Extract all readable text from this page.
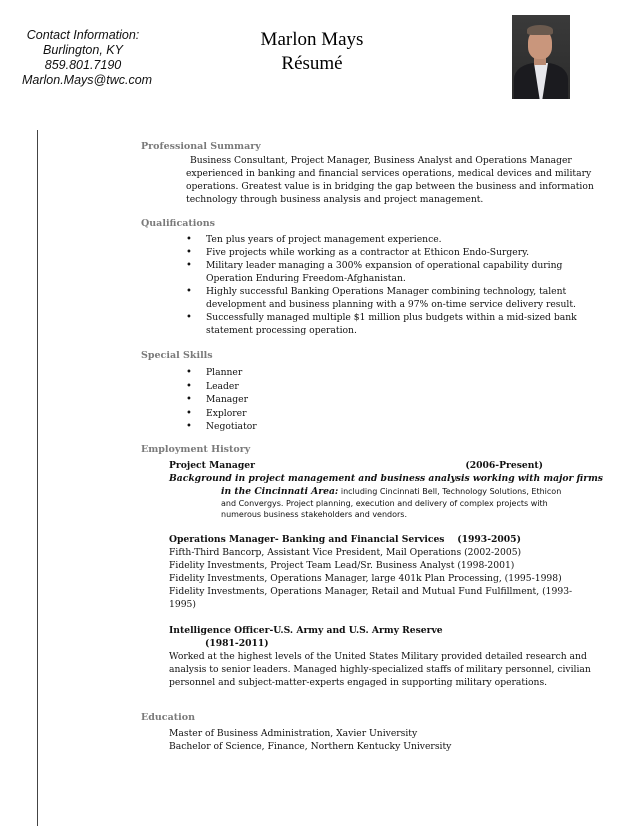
Contact Information:
Burlington, KY
859.801.7190
Marlon.Mays@twc.com
Marlon Mays
Résumé

Professional Summary

Business Consultant, Project Manager, Business Analyst and Operations Manager
experienced in banking and financial services operations, medical devices and military
operations. Greatest value is in bridging the gap between the business and information
technology through business analysis and project management.

Qualifications

• Ten plus years of project management experience.
• Five projects while working as a contractor at Ethicon Endo-Surgery.
• Military leader managing a 300% expansion of operational capability during
Operation Enduring Freedom-Afghanistan.
• Highly successful Banking Operations Manager combining technology, talent
development and business planning with a 97% on-time service delivery result.
• Successfully managed multiple $1 million plus budgets within a mid-sized bank
statement processing operation.

Special Skills

• Planner
• Leader
• Manager
• Explorer
• Negotiator

Employment History

Project Manager	(2006-Present)
Background in project management and business analysis working with major firms
in the Cincinnati Area: including Cincinnati Bell, Technology Solutions, Ethicon
and Convergys. Project planning, execution and delivery of complex projects with
numerous business stakeholders and vendors.
Operations Manager- Banking and Financial Services    (1993-2005)
Fifth-Third Bancorp, Assistant Vice President, Mail Operations (2002-2005)
Fidelity Investments, Project Team Lead/Sr. Business Analyst (1998-2001)
Fidelity Investments, Operations Manager, large 401k Plan Processing, (1995-1998)
Fidelity Investments, Operations Manager, Retail and Mutual Fund Fulfillment, (1993-
1995)
Intelligence Officer-U.S. Army and U.S. Army Reserve
(1981-2011)
Worked at the highest levels of the United States Military provided detailed research and
analysis to senior leaders. Managed highly-specialized staffs of military personnel, civilian
personnel and subject-matter-experts engaged in supporting military operations.

Education

Master of Business Administration, Xavier University
Bachelor of Science, Finance, Northern Kentucky University
